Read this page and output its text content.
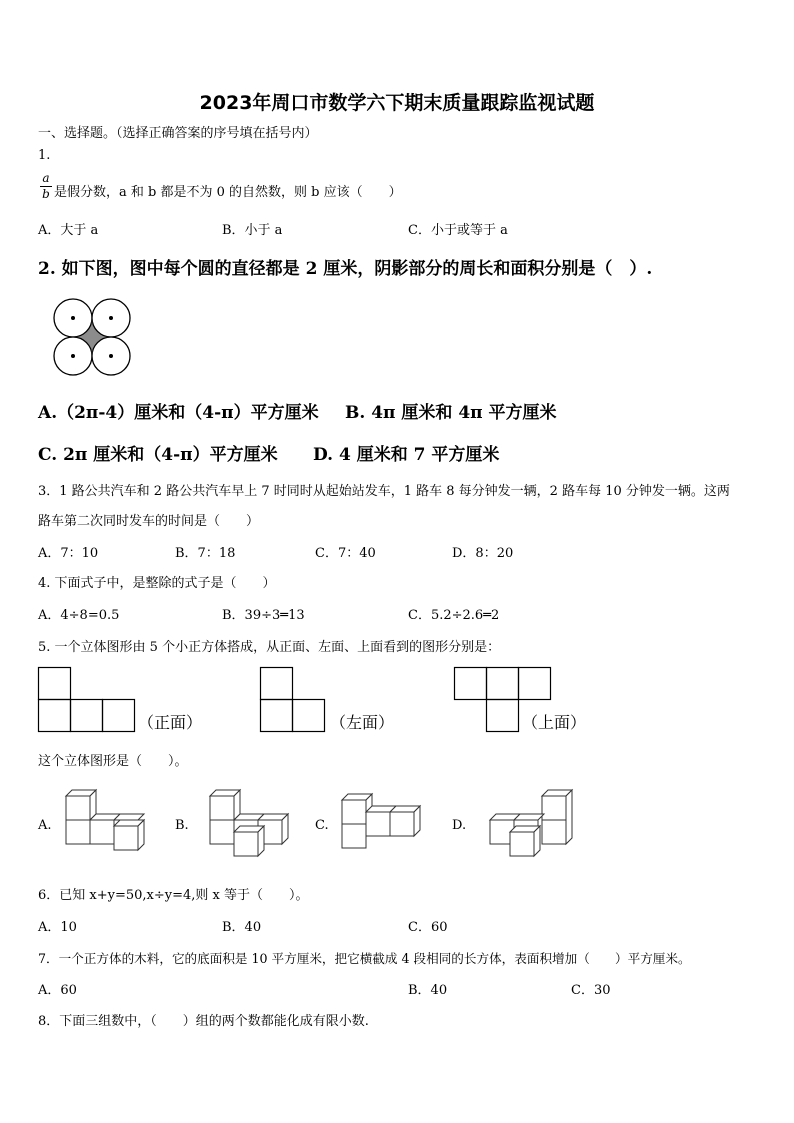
2023年周口市数学六下期末质量跟踪监视试题
一、选择题。（选择正确答案的序号填在括号内）
1.
a
b 是假分数，a 和 b 都是不为 0 的自然数，则 b 应该（　　）
A．大于 a	B．小于 a	C．小于或等于 a
2. 如下图，图中每个圆的直径都是 2 厘米，阴影部分的周长和面积分别是（　）.
A.（2π-4）厘米和（4-π）平方厘米 B. 4π 厘米和 4π 平方厘米
C. 2π 厘米和（4-π）平方厘米 D. 4 厘米和 7 平方厘米
3．1 路公共汽车和 2 路公共汽车早上 7 时同时从起始站发车，1 路车 8 每分钟发一辆，2 路车每 10 分钟发一辆。这两
路车第二次同时发车的时间是（　　）
A．7：10	B．7：18	C．7：40	D．8：20
4. 下面式子中，是整除的式子是（　　）
A．4÷8=0.5	B．39÷3═13	C．5.2÷2.6═2
5. 一个立体图形由 5 个小正方体搭成，从正面、左面、上面看到的图形分别是：
（正面）	（左面）	（上面）
这个立体图形是（　　）。
A.	B.	C.	D.
6．已知 x+y=50,x÷y=4,则 x 等于（　　）。
A．10	B．40	C．60
7．一个正方体的木料，它的底面积是 10 平方厘米，把它横截成 4 段相同的长方体，表面积增加（　　）平方厘米。
A．60	B．40	C．30
8．下面三组数中，（　　）组的两个数都能化成有限小数.
